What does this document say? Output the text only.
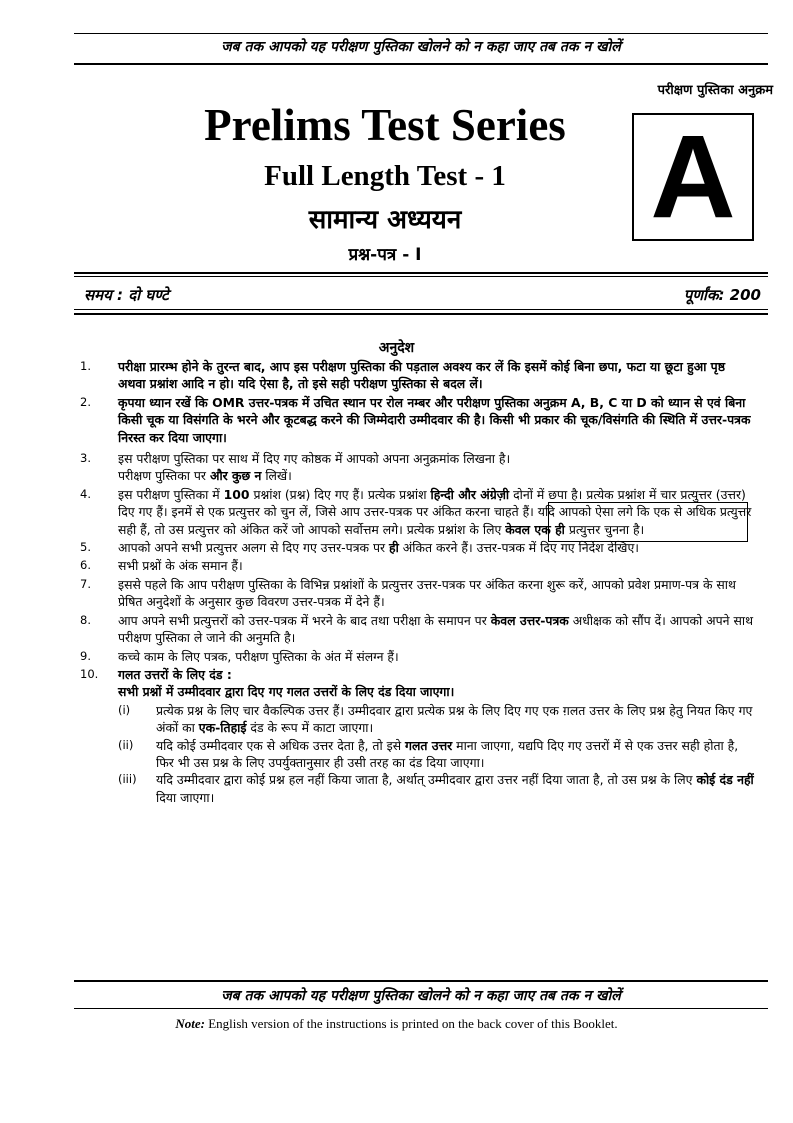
जब तक आपको यह परीक्षण पुस्तिका खोलने को न कहा जाए तब तक न खोलें
परीक्षण पुस्तिका अनुक्रम
Prelims Test Series
Full Length Test - 1
सामान्य अध्ययन
प्रश्न-पत्र - I
A
समय : दो घण्टे	पूर्णांक: 200
अनुदेश
1. परीक्षा प्रारम्भ होने के तुरन्त बाद, आप इस परीक्षण पुस्तिका की पड़ताल अवश्य कर लें कि इसमें कोई बिना छपा, फटा या छूटा हुआ पृष्ठ अथवा प्रश्नांश आदि न हो। यदि ऐसा है, तो इसे सही परीक्षण पुस्तिका से बदल लें।
2. कृपया ध्यान रखें कि OMR उत्तर-पत्रक में उचित स्थान पर रोल नम्बर और परीक्षण पुस्तिका अनुक्रम A, B, C या D को ध्यान से एवं बिना किसी चूक या विसंगति के भरने और कूटबद्ध करने की जिम्मेदारी उम्मीदवार की है। किसी भी प्रकार की चूक/विसंगति की स्थिति में उत्तर-पत्रक निरस्त कर दिया जाएगा।
3. इस परीक्षण पुस्तिका पर साथ में दिए गए कोष्ठक में आपको अपना अनुक्रमांक लिखना है। परीक्षण पुस्तिका पर और कुछ न लिखें।
4. इस परीक्षण पुस्तिका में 100 प्रश्नांश (प्रश्न) दिए गए हैं। प्रत्येक प्रश्नांश हिन्दी और अंग्रेज़ी दोनों में छपा है। प्रत्येक प्रश्नांश में चार प्रत्युत्तर (उत्तर) दिए गए हैं। इनमें से एक प्रत्युत्तर को चुन लें, जिसे आप उत्तर-पत्रक पर अंकित करना चाहते हैं। यदि आपको ऐसा लगे कि एक से अधिक प्रत्युत्तर सही हैं, तो उस प्रत्युत्तर को अंकित करें जो आपको सर्वोत्तम लगे। प्रत्येक प्रश्नांश के लिए केवल एक ही प्रत्युत्तर चुनना है।
5. आपको अपने सभी प्रत्युत्तर अलग से दिए गए उत्तर-पत्रक पर ही अंकित करने हैं। उत्तर-पत्रक में दिए गए निर्देश देखिए।
6. सभी प्रश्नों के अंक समान हैं।
7. इससे पहले कि आप परीक्षण पुस्तिका के विभिन्न प्रश्नांशों के प्रत्युत्तर उत्तर-पत्रक पर अंकित करना शुरू करें, आपको प्रवेश प्रमाण-पत्र के साथ प्रेषित अनुदेशों के अनुसार कुछ विवरण उत्तर-पत्रक में देने हैं।
8. आप अपने सभी प्रत्युत्तरों को उत्तर-पत्रक में भरने के बाद तथा परीक्षा के समापन पर केवल उत्तर-पत्रक अधीक्षक को सौंप दें। आपको अपने साथ परीक्षण पुस्तिका ले जाने की अनुमति है।
9. कच्चे काम के लिए पत्रक, परीक्षण पुस्तिका के अंत में संलग्न हैं।
10. गलत उत्तरों के लिए दंड :
सभी प्रश्नों में उम्मीदवार द्वारा दिए गए गलत उत्तरों के लिए दंड दिया जाएगा।
(i) प्रत्येक प्रश्न के लिए चार वैकल्पिक उत्तर हैं। उम्मीदवार द्वारा प्रत्येक प्रश्न के लिए दिए गए एक ग़लत उत्तर के लिए प्रश्न हेतु नियत किए गए अंकों का एक-तिहाई दंड के रूप में काटा जाएगा।
(ii) यदि कोई उम्मीदवार एक से अधिक उत्तर देता है, तो इसे गलत उत्तर माना जाएगा, यद्यपि दिए गए उत्तरों में से एक उत्तर सही होता है, फिर भी उस प्रश्न के लिए उपर्युक्तानुसार ही उसी तरह का दंड दिया जाएगा।
(iii) यदि उम्मीदवार द्वारा कोई प्रश्न हल नहीं किया जाता है, अर्थात् उम्मीदवार द्वारा उत्तर नहीं दिया जाता है, तो उस प्रश्न के लिए कोई दंड नहीं दिया जाएगा।
जब तक आपको यह परीक्षण पुस्तिका खोलने को न कहा जाए तब तक न खोलें
Note: English version of the instructions is printed on the back cover of this Booklet.
